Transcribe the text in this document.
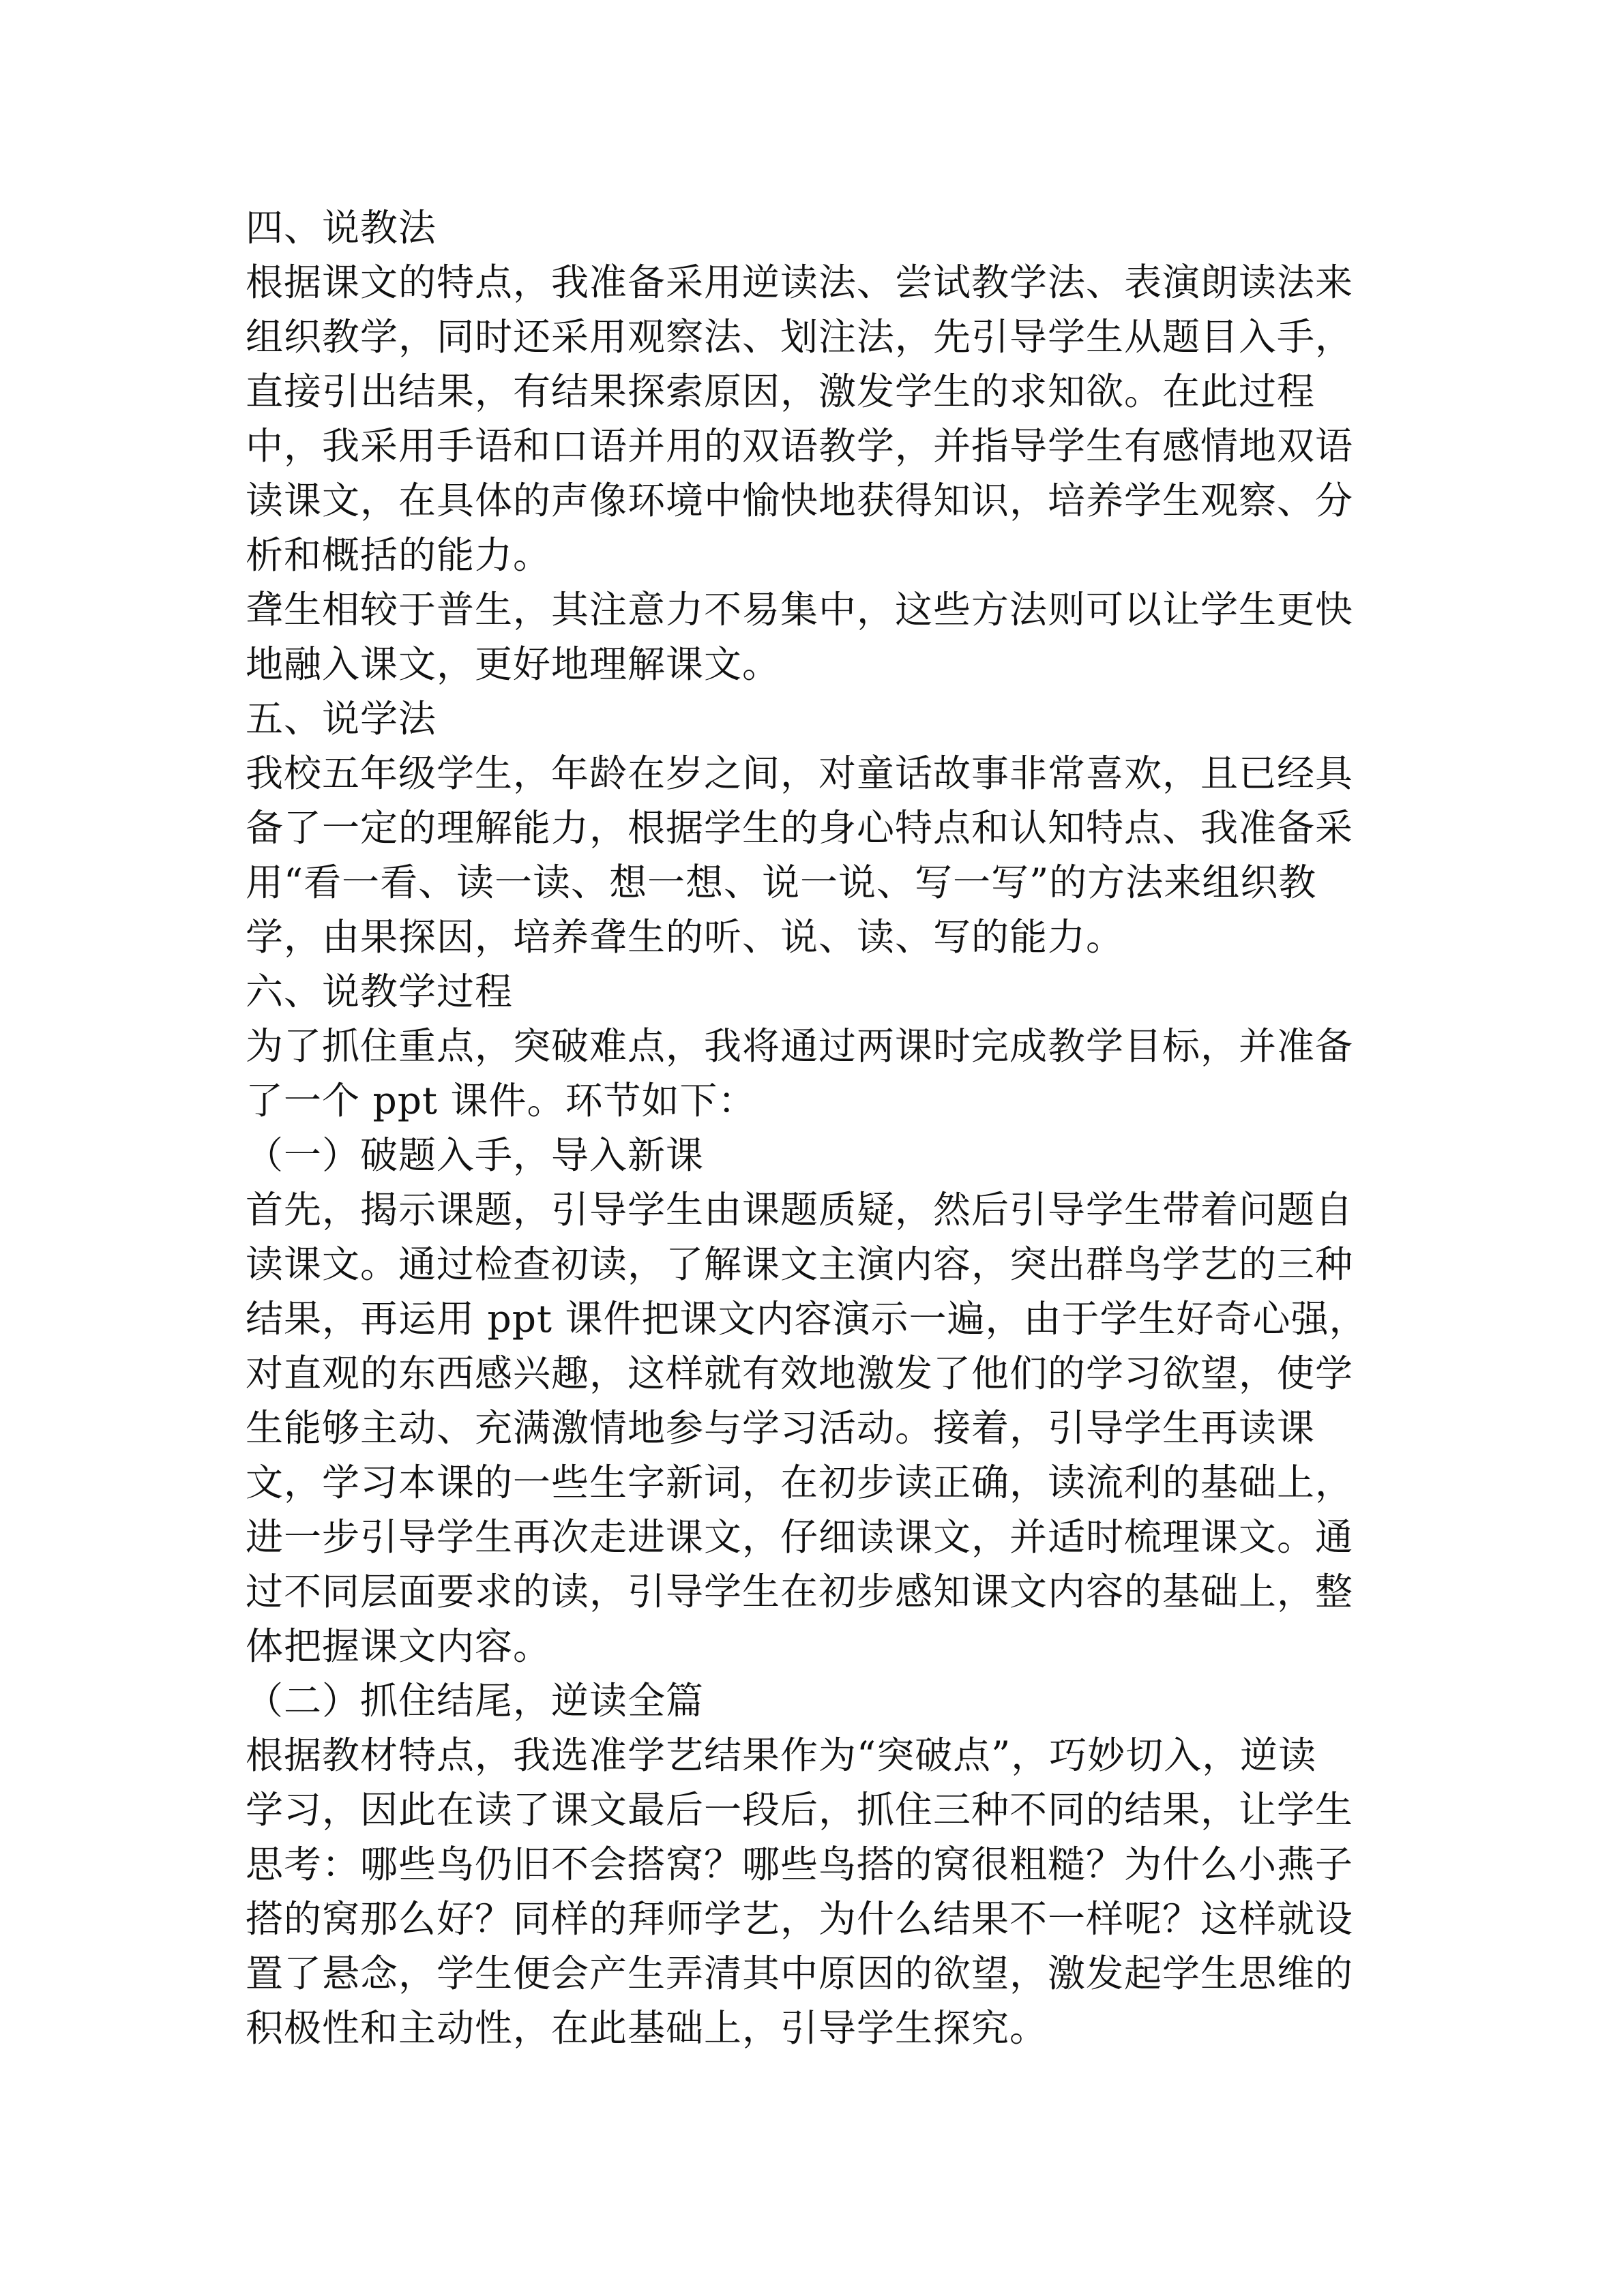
四、说教法
根据课文的特点，我准备采用逆读法、尝试教学法、表演朗读法来
组织教学，同时还采用观察法、划注法，先引导学生从题目入手，
直接引出结果，有结果探索原因，激发学生的求知欲。在此过程
中，我采用手语和口语并用的双语教学，并指导学生有感情地双语
读课文，在具体的声像环境中愉快地获得知识，培养学生观察、分
析和概括的能力。
聋生相较于普生，其注意力不易集中，这些方法则可以让学生更快
地融入课文，更好地理解课文。
五、说学法
我校五年级学生，年龄在岁之间，对童话故事非常喜欢，且已经具
备了一定的理解能力，根据学生的身心特点和认知特点、我准备采
用“看一看、读一读、想一想、说一说、写一写”的方法来组织教
学，由果探因，培养聋生的听、说、读、写的能力。
六、说教学过程
为了抓住重点，突破难点，我将通过两课时完成教学目标，并准备
了一个 ppt 课件。环节如下：
（一）破题入手，导入新课
首先，揭示课题，引导学生由课题质疑，然后引导学生带着问题自
读课文。通过检查初读，了解课文主演内容，突出群鸟学艺的三种
结果，再运用 ppt 课件把课文内容演示一遍，由于学生好奇心强，
对直观的东西感兴趣，这样就有效地激发了他们的学习欲望，使学
生能够主动、充满激情地参与学习活动。接着，引导学生再读课
文，学习本课的一些生字新词，在初步读正确，读流利的基础上，
进一步引导学生再次走进课文，仔细读课文，并适时梳理课文。通
过不同层面要求的读，引导学生在初步感知课文内容的基础上，整
体把握课文内容。
（二）抓住结尾，逆读全篇
根据教材特点，我选准学艺结果作为“突破点”，巧妙切入，逆读
学习，因此在读了课文最后一段后，抓住三种不同的结果，让学生
思考：哪些鸟仍旧不会搭窝？哪些鸟搭的窝很粗糙？为什么小燕子
搭的窝那么好？同样的拜师学艺，为什么结果不一样呢？这样就设
置了悬念，学生便会产生弄清其中原因的欲望，激发起学生思维的
积极性和主动性，在此基础上，引导学生探究。
